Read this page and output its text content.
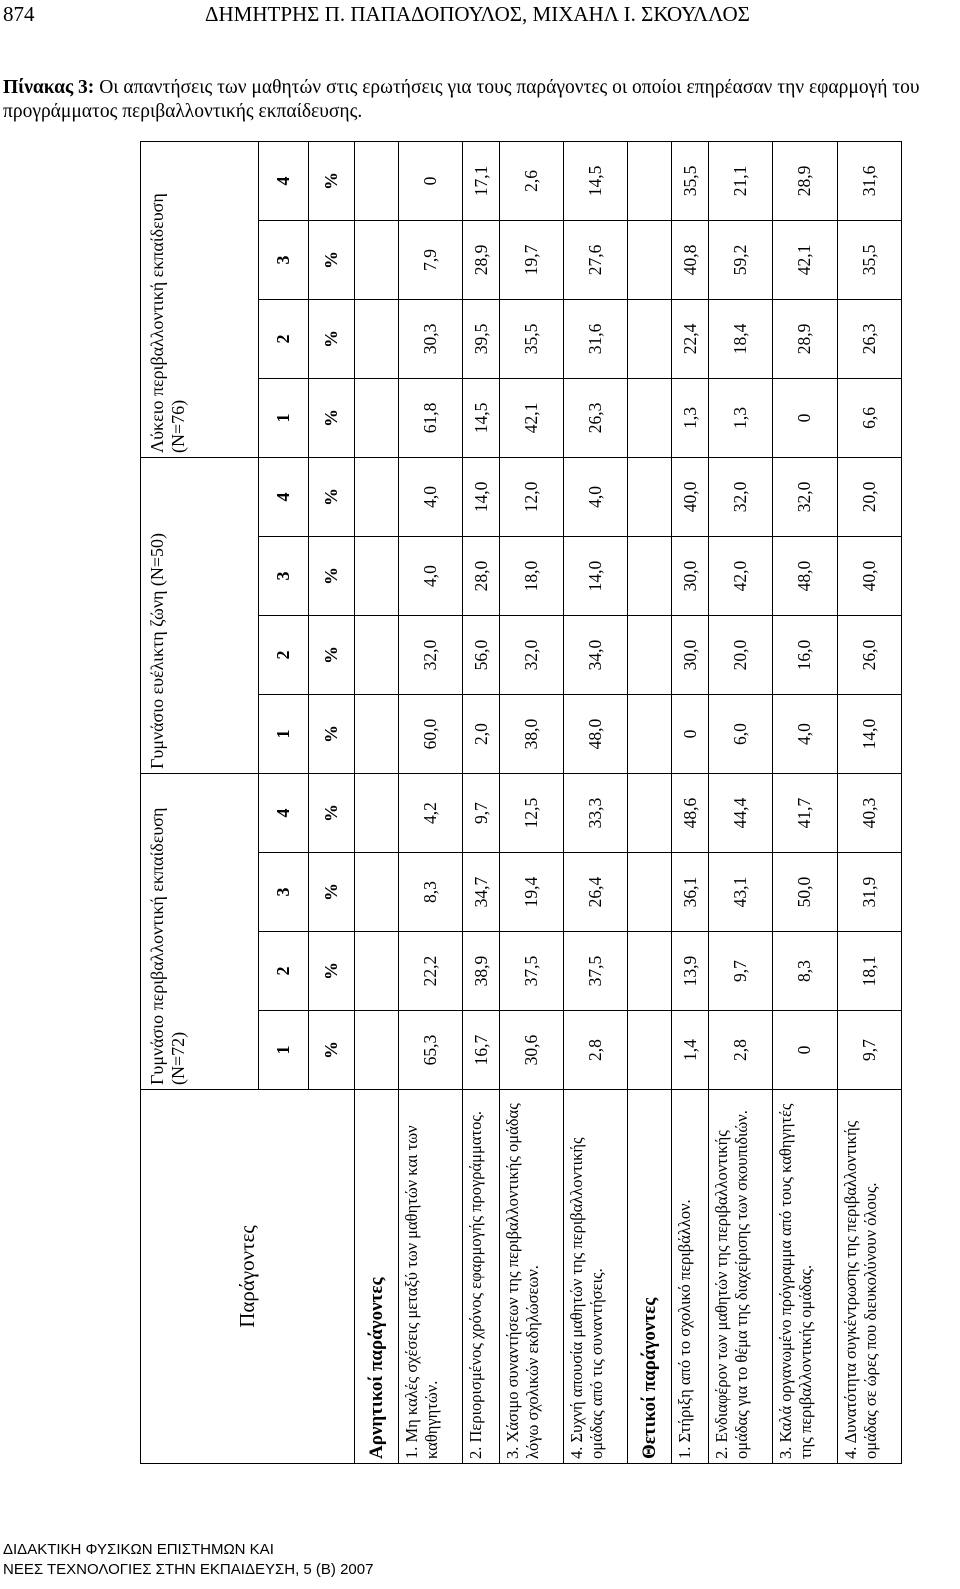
874	ΔΗΜΗΤΡΗΣ Π. ΠΑΠΑΔΟΠΟΥΛΟΣ, ΜΙΧΑΗΛ Ι. ΣΚΟΥΛΛΟΣ
Πίνακας 3: Οι απαντήσεις των μαθητών στις ερωτήσεις για τους παράγοντες οι οποίοι επηρέασαν την εφαρμογή του προγράμματος περιβαλλοντικής εκπαίδευσης.
Παράγοντες	Γυμνάσιο περιβαλλοντική εκπαίδευση (N=72)				Γυμνάσιο ευέλικτη ζώνη (N=50)				Λύκειο περιβαλλοντική εκπαίδευση (N=76)			
	1	2	3	4	1	2	3	4	1	2	3	4
	%	%	%	%	%	%	%	%	%	%	%	%
Αρνητικοί παράγοντες												
1. Μη καλές σχέσεις μεταξύ των μαθητών και των καθηγητών.	65,3	22,2	8,3	4,2	60,0	32,0	4,0	4,0	61,8	30,3	7,9	0
2. Περιορισμένος χρόνος εφαρμογής προγράμματος.	16,7	38,9	34,7	9,7	2,0	56,0	28,0	14,0	14,5	39,5	28,9	17,1
3. Χάσιμο συναντήσεων της περιβαλλοντικής ομάδας λόγω σχολικών εκδηλώσεων.	30,6	37,5	19,4	12,5	38,0	32,0	18,0	12,0	42,1	35,5	19,7	2,6
4. Συχνή απουσία μαθητών της περιβαλλοντικής ομάδας από τις συναντήσεις.	2,8	37,5	26,4	33,3	48,0	34,0	14,0	4,0	26,3	31,6	27,6	14,5
Θετικοί παράγοντες												
1. Στήριξη από το σχολικό περιβάλλον.	1,4	13,9	36,1	48,6	0	30,0	30,0	40,0	1,3	22,4	40,8	35,5
2. Ενδιαφέρον των μαθητών της περιβαλλοντικής ομάδας για το θέμα της διαχείρισης των σκουπιδιών.	2,8	9,7	43,1	44,4	6,0	20,0	42,0	32,0	1,3	18,4	59,2	21,1
3. Καλά οργανωμένο πρόγραμμα από τους καθηγητές της περιβαλλοντικής ομάδας.	0	8,3	50,0	41,7	4,0	16,0	48,0	32,0	0	28,9	42,1	28,9
4. Δυνατότητα συγκέντρωσης της περιβαλλοντικής ομάδας σε ώρες που διευκολύνουν όλους.	9,7	18,1	31,9	40,3	14,0	26,0	40,0	20,0	6,6	26,3	35,5	31,6
ΔΙΔΑΚΤΙΚΗ ΦΥΣΙΚΩΝ ΕΠΙΣΤΗΜΩΝ ΚΑΙ
ΝΕΕΣ ΤΕΧΝΟΛΟΓΙΕΣ ΣΤΗΝ ΕΚΠΑΙΔΕΥΣΗ, 5 (Β) 2007
